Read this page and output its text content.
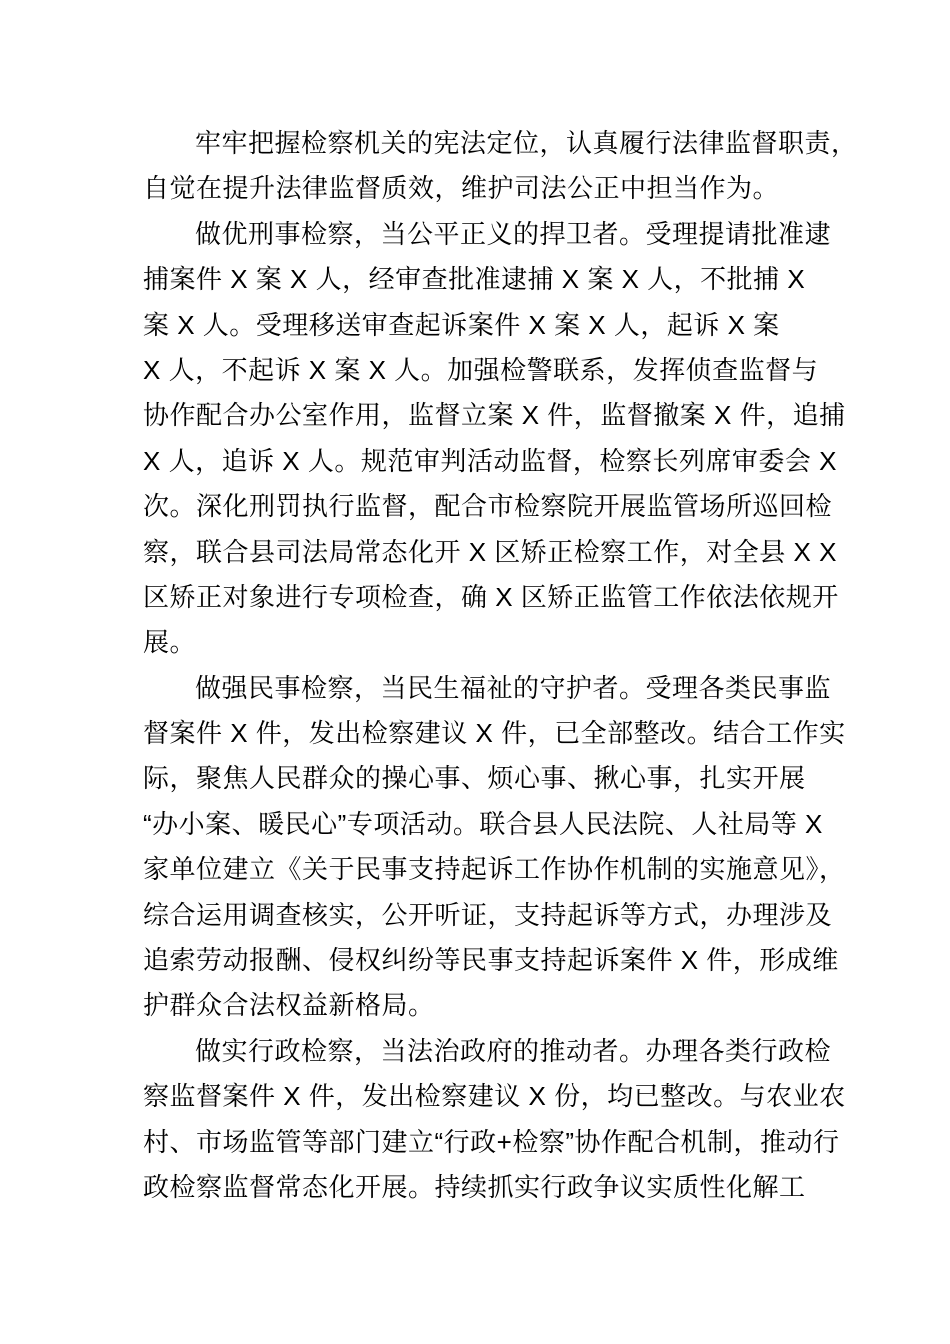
牢牢把握检察机关的宪法定位，认真履行法律监督职责，
自觉在提升法律监督质效，维护司法公正中担当作为。
做优刑事检察，当公平正义的捍卫者。受理提请批准逮
捕案件 X 案 X 人，经审查批准逮捕 X 案 X 人，不批捕 X
案 X 人。受理移送审查起诉案件 X 案 X 人，起诉 X 案
X 人，不起诉 X 案 X 人。加强检警联系，发挥侦查监督与
协作配合办公室作用，监督立案 X 件，监督撤案 X 件，追捕
X 人，追诉 X 人。规范审判活动监督，检察长列席审委会 X
次。深化刑罚执行监督，配合市检察院开展监管场所巡回检
察，联合县司法局常态化开 X 区矫正检察工作，对全县 X X
区矫正对象进行专项检查，确 X 区矫正监管工作依法依规开
展。
做强民事检察，当民生福祉的守护者。受理各类民事监
督案件 X 件，发出检察建议 X 件，已全部整改。结合工作实
际，聚焦人民群众的操心事、烦心事、揪心事，扎实开展
“办小案、暖民心”专项活动。联合县人民法院、人社局等 X
家单位建立《关于民事支持起诉工作协作机制的实施意见》，
综合运用调查核实，公开听证，支持起诉等方式，办理涉及
追索劳动报酬、侵权纠纷等民事支持起诉案件 X 件，形成维
护群众合法权益新格局。
做实行政检察，当法治政府的推动者。办理各类行政检
察监督案件 X 件，发出检察建议 X 份，均已整改。与农业农
村、市场监管等部门建立“行政+检察”协作配合机制，推动行
政检察监督常态化开展。持续抓实行政争议实质性化解工
